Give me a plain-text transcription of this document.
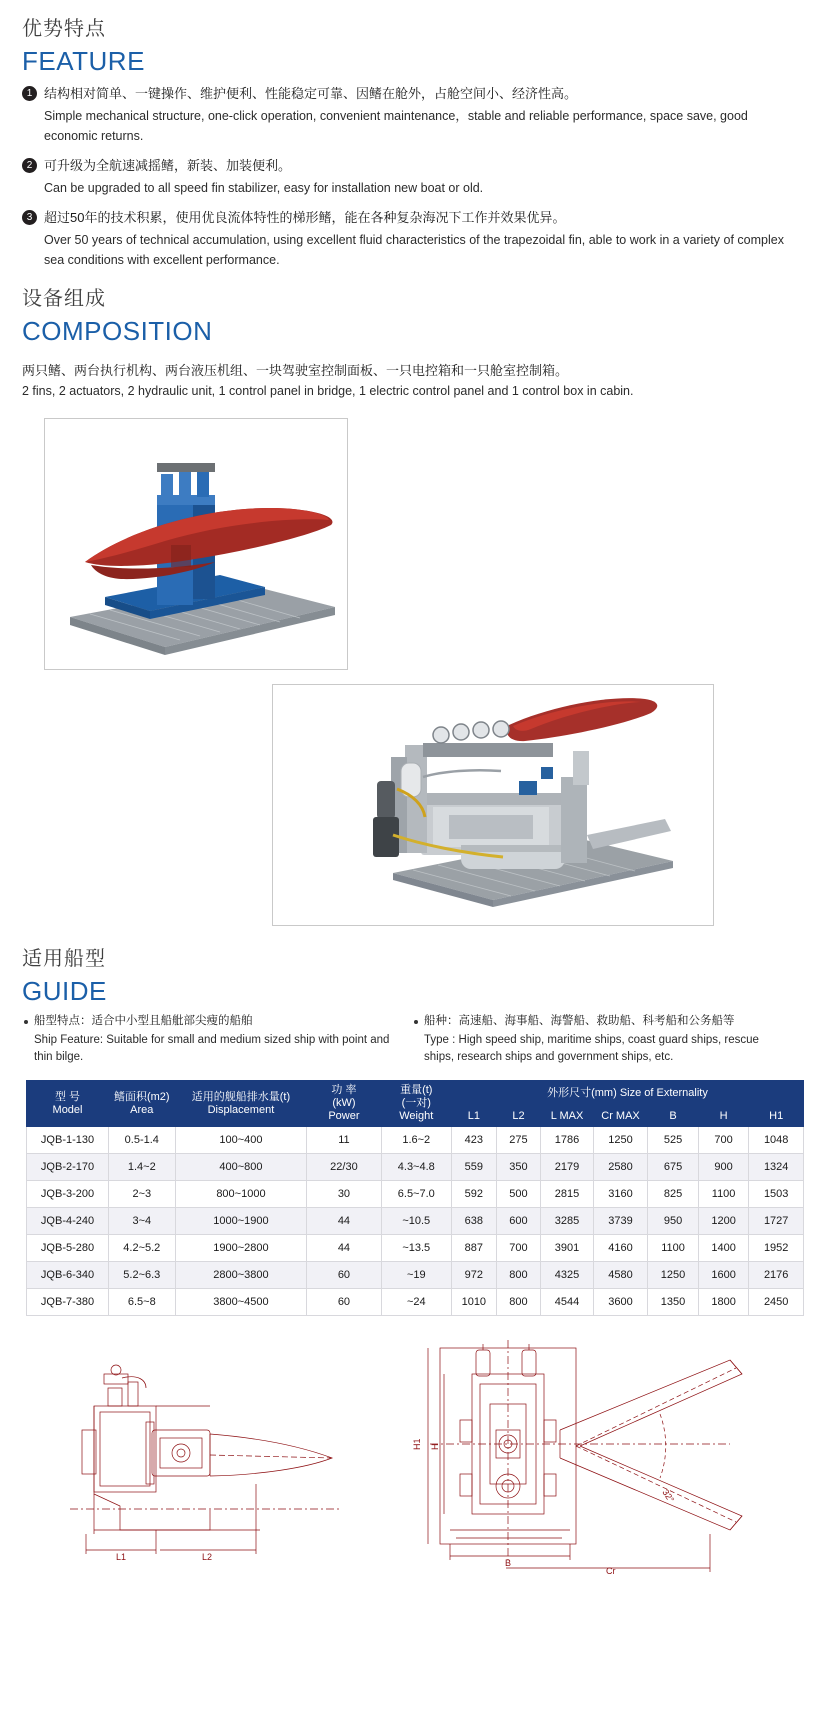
优势特点
FEATURE
1 结构相对简单、一键操作、维护便利、性能稳定可靠、因鳍在舱外，占舱空间小、经济性高。
Simple mechanical structure, one-click operation, convenient maintenance，stable and reliable performance, space save, good economic returns.
2 可升级为全航速减摇鳍，新装、加装便利。
Can be upgraded to all speed fin stabilizer, easy for installation new boat or old.
3 超过50年的技术积累，使用优良流体特性的梯形鳍，能在各种复杂海况下工作并效果优异。
Over 50 years of technical accumulation, using excellent fluid characteristics of the trapezoidal fin, able to work in a variety of complex sea conditions with excellent performance.
设备组成
COMPOSITION
两只鳍、两台执行机构、两台液压机组、一块驾驶室控制面板、一只电控箱和一只舱室控制箱。
2 fins, 2 actuators, 2 hydraulic unit, 1 control panel in bridge, 1 electric control panel and 1 control box in cabin.
适用船型
GUIDE
船型特点：适合中小型且船舭部尖瘦的船舶
Ship Feature: Suitable for small and medium sized ship with point and thin bilge.
船种：高速船、海事船、海警船、救助船、科考船和公务船等
Type : High speed ship, maritime ships, coast guard ships, rescue ships, research ships and government ships, etc.
型 号
Model	鳍面积(m2)
Area	适用的舰船排水量(t)
Displacement	功 率
(kW)
Power	重量(t)
(一对)
Weight	外形尺寸(mm) Size of Externality						
					L1	L2	L MAX	Cr MAX	B	H	H1
JQB-1-130	0.5-1.4	100~400	11	1.6~2	423	275	1786	1250	525	700	1048
JQB-2-170	1.4~2	400~800	22/30	4.3~4.8	559	350	2179	2580	675	900	1324
JQB-3-200	2~3	800~1000	30	6.5~7.0	592	500	2815	3160	825	1100	1503
JQB-4-240	3~4	1000~1900	44	~10.5	638	600	3285	3739	950	1200	1727
JQB-5-280	4.2~5.2	1900~2800	44	~13.5	887	700	3901	4160	1100	1400	1952
JQB-6-340	5.2~6.3	2800~3800	60	~19	972	800	4325	4580	1250	1600	2176
JQB-7-380	6.5~8	3800~4500	60	~24	1010	800	4544	3600	1350	1800	2450
L1	L2
H1 H
B
Cr
32°
